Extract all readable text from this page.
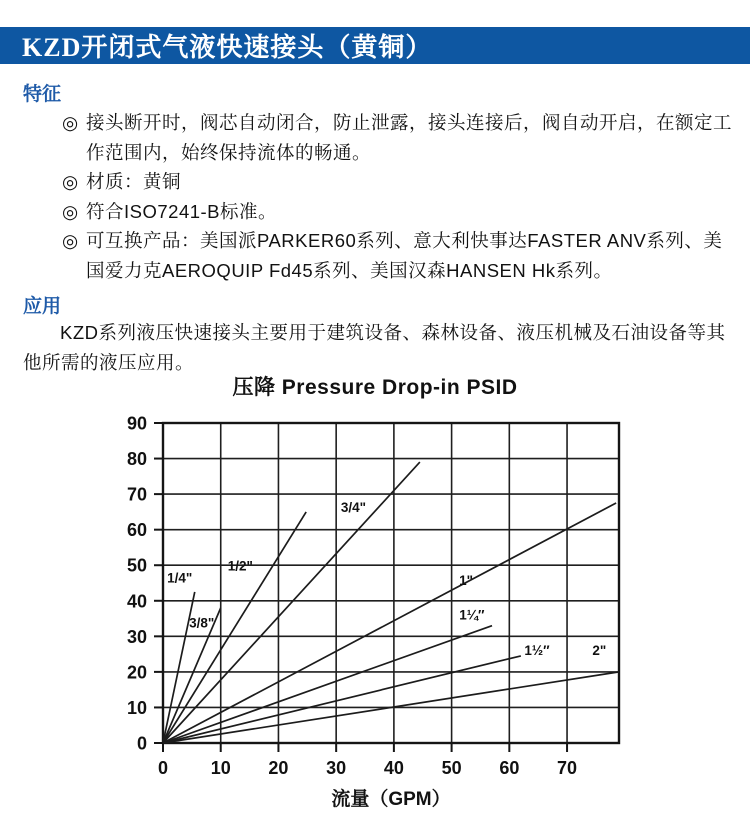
KZD开闭式气液快速接头（黄铜）
特征
◎ 接头断开时，阀芯自动闭合，防止泄露，接头连接后，阀自动开启，在额定工作范围内，始终保持流体的畅通。
◎ 材质：黄铜
◎ 符合ISO7241-B标准。
◎ 可互换产品：美国派PARKER60系列、意大利快事达FASTER ANV系列、美国爱力克AEROQUIP Fd45系列、美国汉森HANSEN Hk系列。
应用
KZD系列液压快速接头主要用于建筑设备、森林设备、液压机械及石油设备等其他所需的液压应用。
压降 Pressure Drop-in PSID
0 10 20 30 40 50 60 70
0
10
20
30
40
50
60
70
80
90
1/4"
3/8"
1/2"
3/4"
1"
1¼″
1½″	2"
流量（GPM）
